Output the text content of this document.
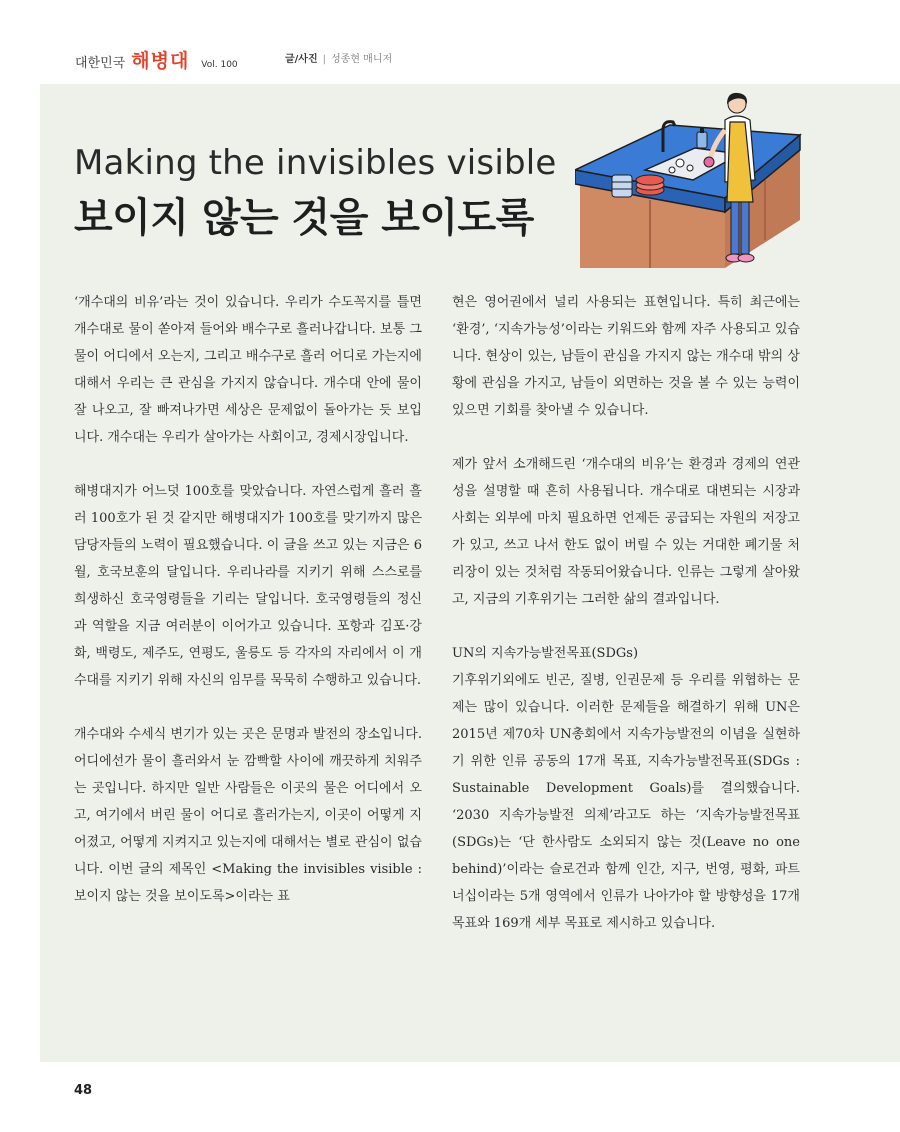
대한민국 해병대 Vol. 100	글/사진 | 성종현 매니저
Making the invisibles visible
보이지 않는 것을 보이도록

‘개수대의 비유’라는 것이 있습니다. 우리가 수도꼭지를 틀면 개수대로 물이 쏟아져 들어와 배수구로 흘러나갑니다. 보통 그 물이 어디에서 오는지, 그리고 배수구로 흘러 어디로 가는지에 대해서 우리는 큰 관심을 가지지 않습니다. 개수대 안에 물이 잘 나오고, 잘 빠져나가면 세상은 문제없이 돌아가는 듯 보입니다. 개수대는 우리가 살아가는 사회이고, 경제시장입니다.

해병대지가 어느덧 100호를 맞았습니다. 자연스럽게 흘러 흘러 100호가 된 것 같지만 해병대지가 100호를 맞기까지 많은 담당자들의 노력이 필요했습니다. 이 글을 쓰고 있는 지금은 6월, 호국보훈의 달입니다. 우리나라를 지키기 위해 스스로를 희생하신 호국영령들을 기리는 달입니다. 호국영령들의 정신과 역할을 지금 여러분이 이어가고 있습니다. 포항과 김포·강화, 백령도, 제주도, 연평도, 울릉도 등 각자의 자리에서 이 개수대를 지키기 위해 자신의 임무를 묵묵히 수행하고 있습니다.

개수대와 수세식 변기가 있는 곳은 문명과 발전의 장소입니다. 어디에선가 물이 흘러와서 눈 깜빡할 사이에 깨끗하게 치워주는 곳입니다. 하지만 일반 사람들은 이곳의 물은 어디에서 오고, 여기에서 버린 물이 어디로 흘러가는지, 이곳이 어떻게 지어졌고, 어떻게 지켜지고 있는지에 대해서는 별로 관심이 없습니다. 이번 글의 제목인 <Making the invisibles visible : 보이지 않는 것을 보이도록>이라는 표

현은 영어권에서 널리 사용되는 표현입니다. 특히 최근에는 ‘환경’, ‘지속가능성’이라는 키워드와 함께 자주 사용되고 있습니다. 현상이 있는, 남들이 관심을 가지지 않는 개수대 밖의 상황에 관심을 가지고, 남들이 외면하는 것을 볼 수 있는 능력이 있으면 기회를 찾아낼 수 있습니다.

제가 앞서 소개해드린 ‘개수대의 비유’는 환경과 경제의 연관성을 설명할 때 흔히 사용됩니다. 개수대로 대변되는 시장과 사회는 외부에 마치 필요하면 언제든 공급되는 자원의 저장고가 있고, 쓰고 나서 한도 없이 버릴 수 있는 거대한 폐기물 처리장이 있는 것처럼 작동되어왔습니다. 인류는 그렇게 살아왔고, 지금의 기후위기는 그러한 삶의 결과입니다.

UN의 지속가능발전목표(SDGs)

기후위기외에도 빈곤, 질병, 인권문제 등 우리를 위협하는 문제는 많이 있습니다. 이러한 문제들을 해결하기 위해 UN은 2015년 제70차 UN총회에서 지속가능발전의 이념을 실현하기 위한 인류 공동의 17개 목표, 지속가능발전목표(SDGs : Sustainable Development Goals)를 결의했습니다. ‘2030 지속가능발전 의제’라고도 하는 ‘지속가능발전목표(SDGs)는 ‘단 한사람도 소외되지 않는 것(Leave no one behind)’이라는 슬로건과 함께 인간, 지구, 번영, 평화, 파트너십이라는 5개 영역에서 인류가 나아가야 할 방향성을 17개 목표와 169개 세부 목표로 제시하고 있습니다.

48
